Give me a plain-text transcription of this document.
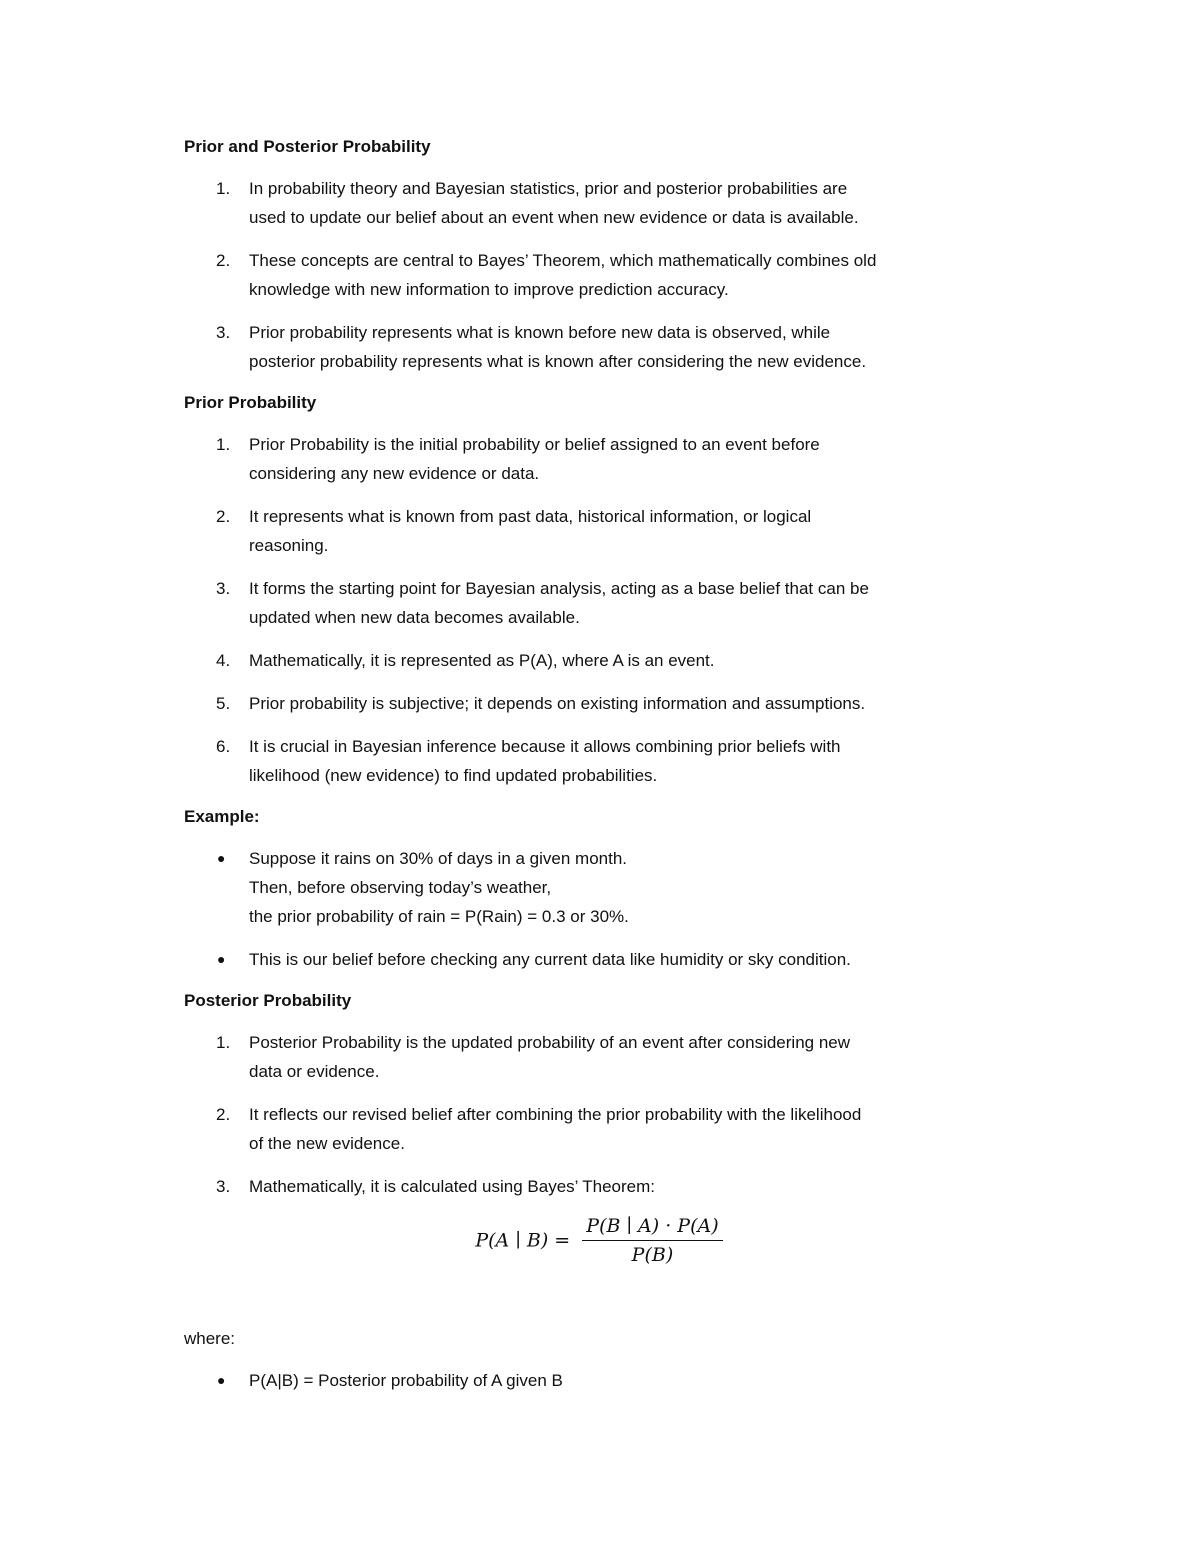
Prior and Posterior Probability
1. In probability theory and Bayesian statistics, prior and posterior probabilities are
used to update our belief about an event when new evidence or data is available.
2. These concepts are central to Bayes’ Theorem, which mathematically combines old
knowledge with new information to improve prediction accuracy.
3. Prior probability represents what is known before new data is observed, while
posterior probability represents what is known after considering the new evidence.
Prior Probability
1. Prior Probability is the initial probability or belief assigned to an event before
considering any new evidence or data.
2. It represents what is known from past data, historical information, or logical
reasoning.
3. It forms the starting point for Bayesian analysis, acting as a base belief that can be
updated when new data becomes available.
4. Mathematically, it is represented as P(A), where A is an event.
5. Prior probability is subjective; it depends on existing information and assumptions.
6. It is crucial in Bayesian inference because it allows combining prior beliefs with
likelihood (new evidence) to find updated probabilities.
Example:
● Suppose it rains on 30% of days in a given month.
Then, before observing today’s weather,
the prior probability of rain = P(Rain) = 0.3 or 30%.
● This is our belief before checking any current data like humidity or sky condition.
Posterior Probability
1. Posterior Probability is the updated probability of an event after considering new
data or evidence.
2. It reflects our revised belief after combining the prior probability with the likelihood
of the new evidence.
3. Mathematically, it is calculated using Bayes’ Theorem:
P(A ∣ $B) = \frac{P(B ∣ A) \cdot P(A)}{P(B)}$
where:
● P(A|B) = Posterior probability of A given B
